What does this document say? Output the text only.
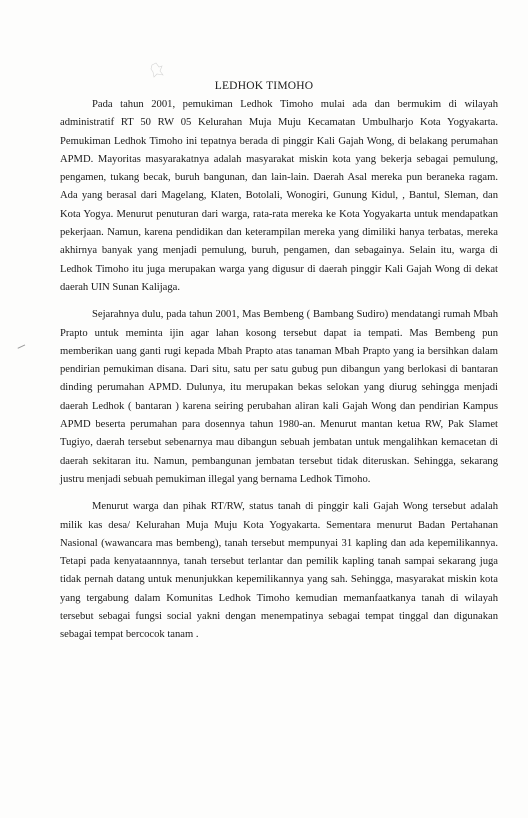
LEDHOK TIMOHO

Pada tahun 2001, pemukiman Ledhok Timoho mulai ada dan bermukim di wilayah administratif RT 50 RW 05 Kelurahan Muja Muju Kecamatan Umbulharjo Kota Yogyakarta. Pemukiman Ledhok Timoho ini tepatnya berada di pinggir Kali Gajah Wong, di belakang perumahan APMD. Mayoritas masyarakatnya adalah masyarakat miskin kota yang bekerja sebagai pemulung, pengamen, tukang becak, buruh bangunan, dan lain-lain. Daerah Asal mereka pun beraneka ragam. Ada yang berasal dari Magelang, Klaten, Botolali, Wonogiri, Gunung Kidul, , Bantul, Sleman, dan Kota Yogya. Menurut penuturan dari warga, rata-rata mereka ke Kota Yogyakarta untuk mendapatkan pekerjaan. Namun, karena pendidikan dan keterampilan mereka yang dimiliki hanya terbatas, mereka akhirnya banyak yang menjadi pemulung, buruh, pengamen, dan sebagainya. Selain itu, warga di Ledhok Timoho itu juga merupakan warga yang digusur di daerah pinggir Kali Gajah Wong di dekat daerah UIN Sunan Kalijaga.

Sejarahnya dulu, pada tahun 2001, Mas Bembeng ( Bambang Sudiro) mendatangi rumah Mbah Prapto untuk meminta ijin agar lahan kosong tersebut dapat ia tempati. Mas Bembeng pun memberikan uang ganti rugi kepada Mbah Prapto atas tanaman Mbah Prapto yang ia bersihkan dalam pendirian pemukiman disana. Dari situ, satu per satu gubug pun dibangun yang berlokasi di bantaran dinding perumahan APMD. Dulunya, itu merupakan bekas selokan yang diurug sehingga menjadi daerah Ledhok ( bantaran ) karena seiring perubahan aliran kali Gajah Wong dan pendirian Kampus APMD beserta perumahan para dosennya tahun 1980-an. Menurut mantan ketua RW, Pak Slamet Tugiyo, daerah tersebut sebenarnya mau dibangun sebuah jembatan untuk mengalihkan kemacetan di daerah sekitaran itu. Namun, pembangunan jembatan tersebut tidak diteruskan. Sehingga, sekarang justru menjadi sebuah pemukiman illegal yang bernama Ledhok Timoho.

Menurut warga dan pihak RT/RW, status tanah di pinggir kali Gajah Wong tersebut adalah milik kas desa/ Kelurahan Muja Muju Kota Yogyakarta. Sementara menurut Badan Pertahanan Nasional (wawancara mas bembeng), tanah tersebut mempunyai 31 kapling dan ada kepemilikannya. Tetapi pada kenyataannnya, tanah tersebut terlantar dan pemilik kapling tanah sampai sekarang juga tidak pernah datang untuk menunjukkan kepemilikannya yang sah. Sehingga, masyarakat miskin kota yang tergabung dalam Komunitas Ledhok Timoho kemudian memanfaatkanya tanah di wilayah tersebut sebagai fungsi social yakni dengan menempatinya sebagai tempat tinggal dan digunakan sebagai tempat bercocok tanam .
